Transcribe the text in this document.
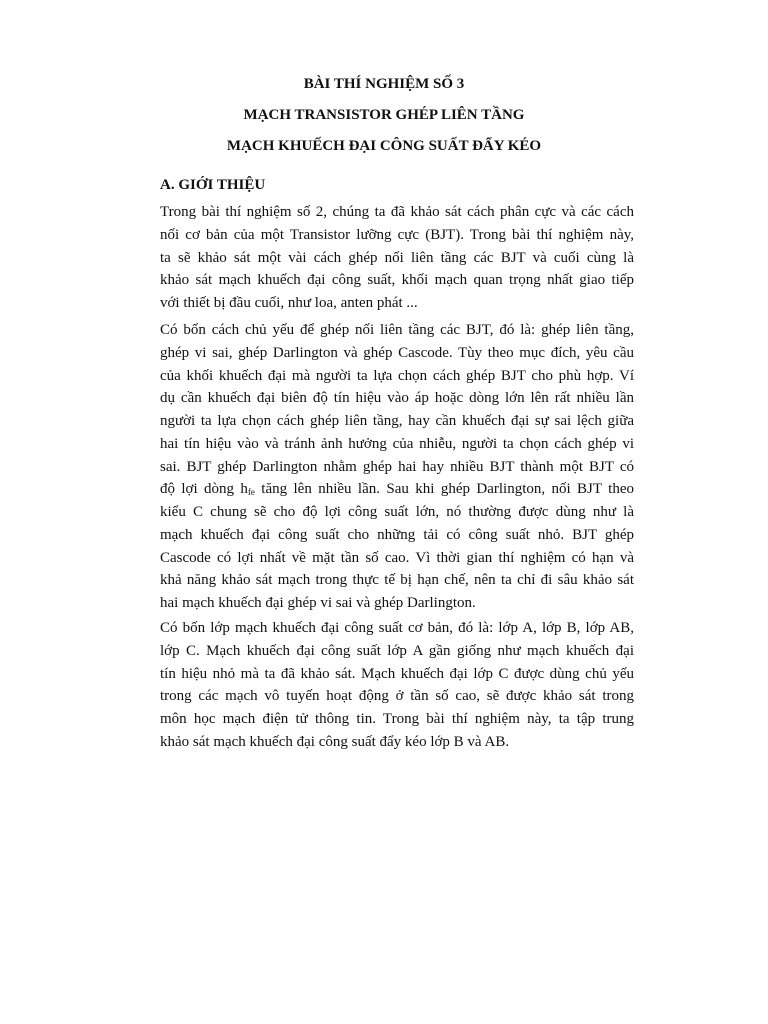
BÀI THÍ NGHIỆM SỐ 3
MẠCH TRANSISTOR GHÉP LIÊN TẦNG
MẠCH KHUẾCH ĐẠI CÔNG SUẤT ĐẨY KÉO
A. GIỚI THIỆU

Trong bài thí nghiệm số 2, chúng ta đã khảo sát cách phân cực và các cách
nối cơ bản của một Transistor lưỡng cực (BJT). Trong bài thí nghiệm này,
ta sẽ khảo sát một vài cách ghép nối liên tầng các BJT và cuối cùng là
khảo sát mạch khuếch đại công suất, khối mạch quan trọng nhất giao tiếp
với thiết bị đầu cuối, như loa, anten phát ...

Có bốn cách chủ yếu để ghép nối liên tầng các BJT, đó là: ghép liên tầng,
ghép vi sai, ghép Darlington và ghép Cascode. Tùy theo mục đích, yêu cầu
của khối khuếch đại mà người ta lựa chọn cách ghép BJT cho phù hợp. Ví
dụ cần khuếch đại biên độ tín hiệu vào áp hoặc dòng lớn lên rất nhiều lần
người ta lựa chọn cách ghép liên tầng, hay cần khuếch đại sự sai lệch giữa
hai tín hiệu vào và tránh ảnh hưởng của nhiễu, người ta chọn cách ghép vi
sai. BJT ghép Darlington nhằm ghép hai hay nhiều BJT thành một BJT có
độ lợi dòng $h_{fe}$ tăng lên nhiều lần. Sau khi ghép Darlington, nối BJT theo
kiểu C chung sẽ cho độ lợi công suất lớn, nó thường được dùng như là
mạch khuếch đại công suất cho những tải có công suất nhỏ. BJT ghép
Cascode có lợi nhất về mặt tần số cao. Vì thời gian thí nghiệm có hạn và
khả năng khảo sát mạch trong thực tế bị hạn chế, nên ta chỉ đi sâu khảo sát
hai mạch khuếch đại ghép vi sai và ghép Darlington.

Có bốn lớp mạch khuếch đại công suất cơ bản, đó là: lớp A, lớp B, lớp AB,
lớp C. Mạch khuếch đại công suất lớp A gần giống như mạch khuếch đại
tín hiệu nhỏ mà ta đã khảo sát. Mạch khuếch đại lớp C được dùng chủ yếu
trong các mạch vô tuyến hoạt động ở tần số cao, sẽ được khảo sát trong
môn học mạch điện tử thông tin. Trong bài thí nghiệm này, ta tập trung
khảo sát mạch khuếch đại công suất đẩy kéo lớp B và AB.
